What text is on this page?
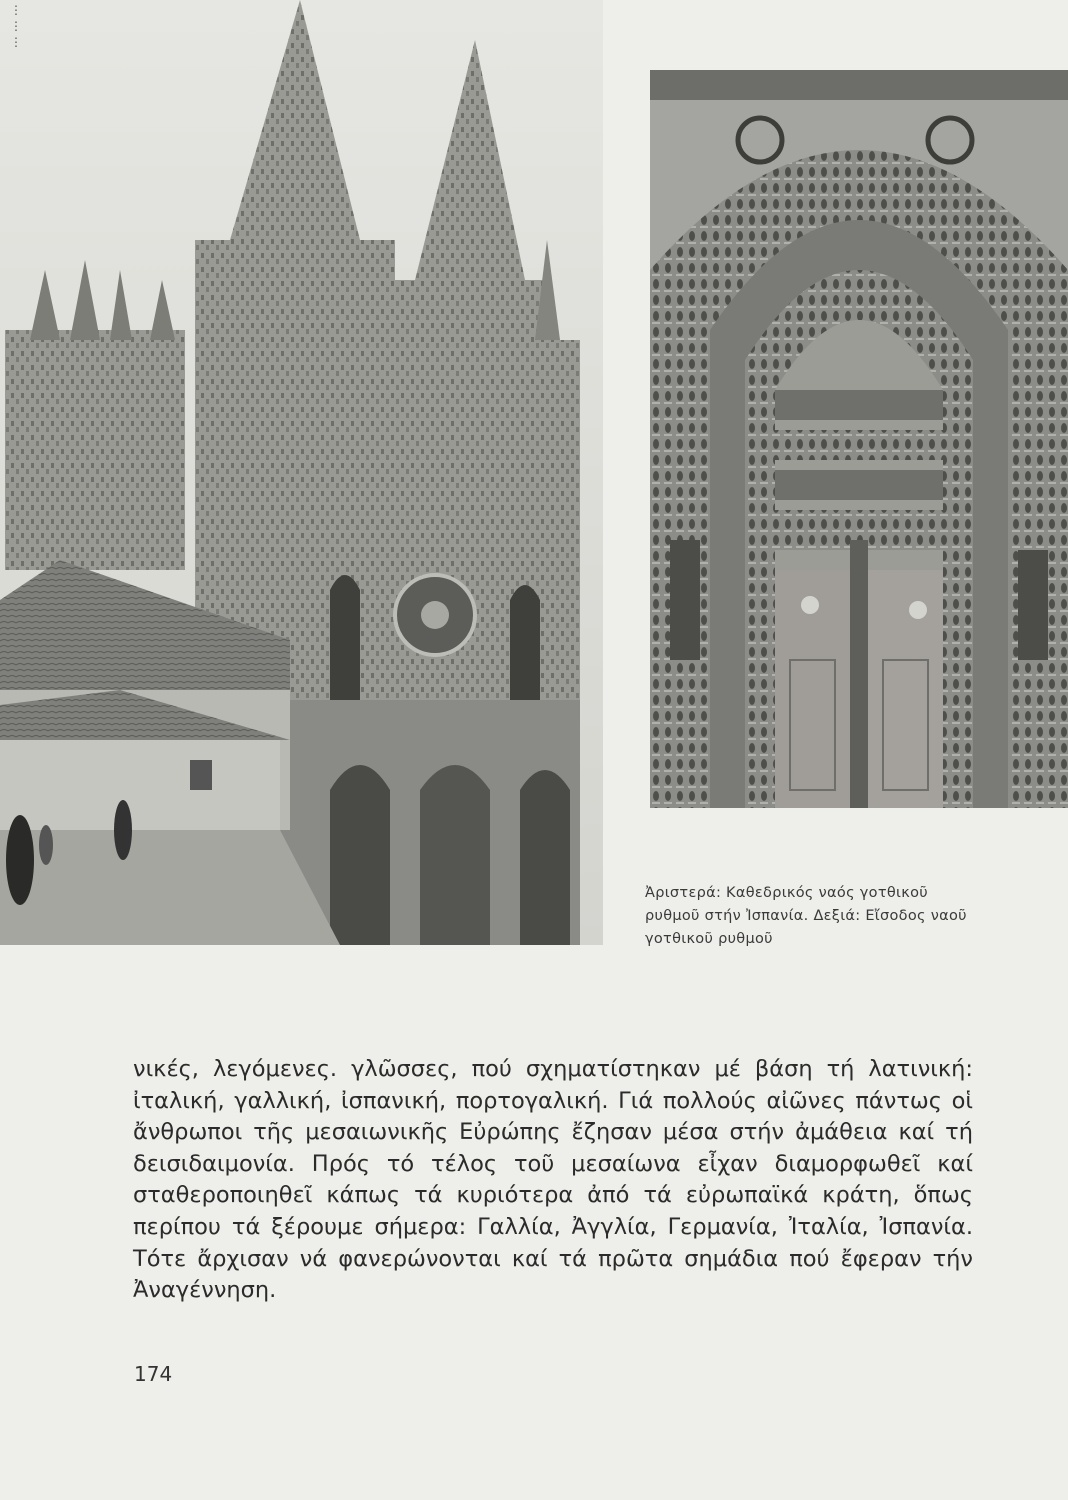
⋮
⋮
⋮
Ἀριστερά: Καθεδρικός ναός γοτθικοῦ ρυθμοῦ στήν Ἰσπανία. Δεξιά: Εἴσοδος ναοῦ γοτθικοῦ ρυθμοῦ

νικές, λεγόμενες. γλῶσσες, πού σχηματίστηκαν μέ βάση τή λατινική: ἰταλική, γαλλική, ἰσπανική, πορτογαλική. Γιά πολλούς αἰῶνες πάντως οἱ ἄνθρωποι τῆς μεσαιωνικῆς Εὐρώπης ἔζησαν μέσα στήν ἀμάθεια καί τή δεισιδαιμονία. Πρός τό τέλος τοῦ μεσαίωνα εἶχαν διαμορφωθεῖ καί σταθεροποιηθεῖ κάπως τά κυριότερα ἀπό τά εὐρωπαϊκά κράτη, ὅπως περίπου τά ξέρουμε σήμερα: Γαλλία, Ἀγγλία, Γερμανία, Ἰταλία, Ἰσπανία. Τότε ἄρχισαν νά φανερώνονται καί τά πρῶτα σημάδια πού ἔφεραν τήν Ἀναγέννηση.

174
